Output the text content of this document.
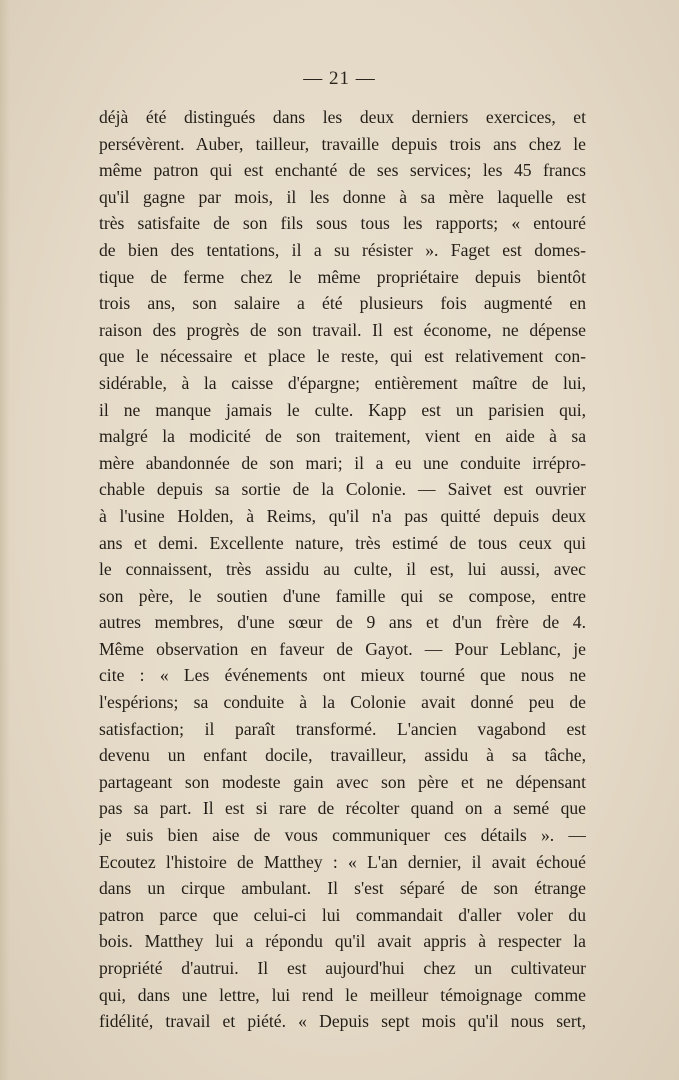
— 21 —
déjà été distingués dans les deux derniers exercices, et
persévèrent. Auber, tailleur, travaille depuis trois ans chez le
même patron qui est enchanté de ses services; les 45 francs
qu'il gagne par mois, il les donne à sa mère laquelle est
très satisfaite de son fils sous tous les rapports; « entouré
de bien des tentations, il a su résister ». Faget est domes-
tique de ferme chez le même propriétaire depuis bientôt
trois ans, son salaire a été plusieurs fois augmenté en
raison des progrès de son travail. Il est économe, ne dépense
que le nécessaire et place le reste, qui est relativement con-
sidérable, à la caisse d'épargne; entièrement maître de lui,
il ne manque jamais le culte. Kapp est un parisien qui,
malgré la modicité de son traitement, vient en aide à sa
mère abandonnée de son mari; il a eu une conduite irrépro-
chable depuis sa sortie de la Colonie. — Saivet est ouvrier
à l'usine Holden, à Reims, qu'il n'a pas quitté depuis deux
ans et demi. Excellente nature, très estimé de tous ceux qui
le connaissent, très assidu au culte, il est, lui aussi, avec
son père, le soutien d'une famille qui se compose, entre
autres membres, d'une sœur de 9 ans et d'un frère de 4.
Même observation en faveur de Gayot. — Pour Leblanc, je
cite : « Les événements ont mieux tourné que nous ne
l'espérions; sa conduite à la Colonie avait donné peu de
satisfaction; il paraît transformé. L'ancien vagabond est
devenu un enfant docile, travailleur, assidu à sa tâche,
partageant son modeste gain avec son père et ne dépensant
pas sa part. Il est si rare de récolter quand on a semé que
je suis bien aise de vous communiquer ces détails ». —
Ecoutez l'histoire de Matthey : « L'an dernier, il avait échoué
dans un cirque ambulant. Il s'est séparé de son étrange
patron parce que celui-ci lui commandait d'aller voler du
bois. Matthey lui a répondu qu'il avait appris à respecter la
propriété d'autrui. Il est aujourd'hui chez un cultivateur
qui, dans une lettre, lui rend le meilleur témoignage comme
fidélité, travail et piété. « Depuis sept mois qu'il nous sert,
